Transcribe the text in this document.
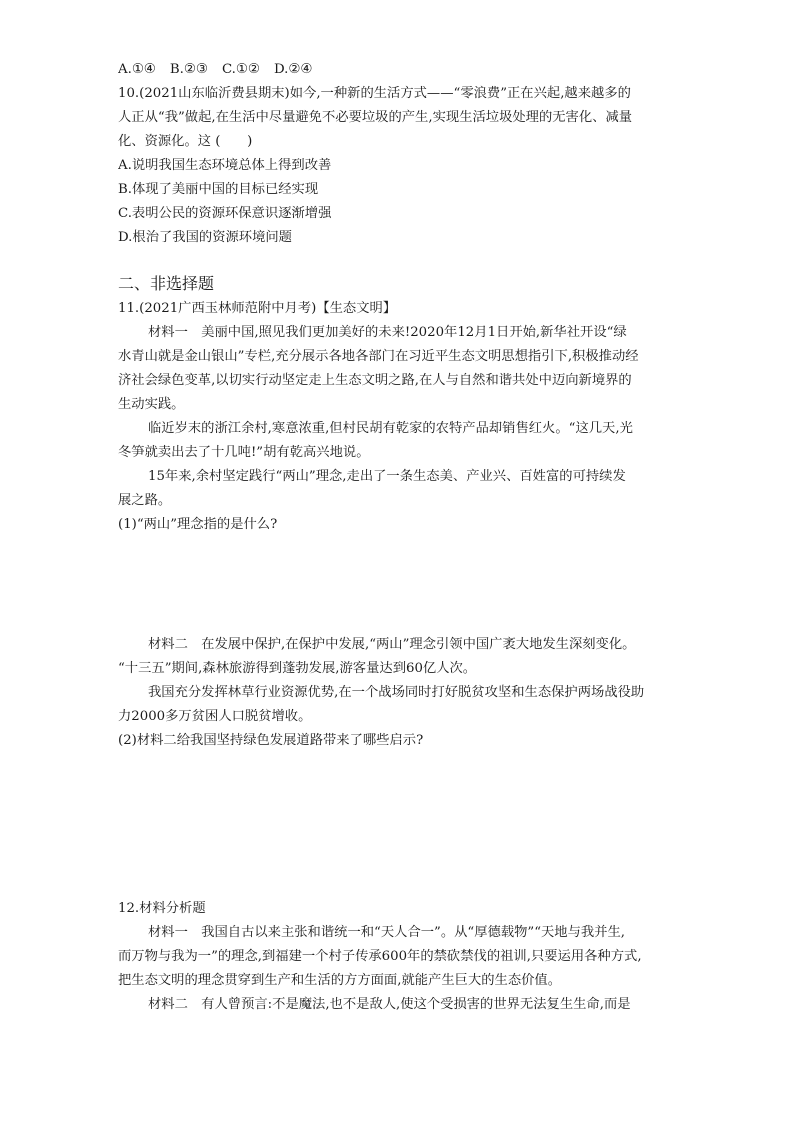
A.①④ B.②③ C.①② D.②④
10.(2021山东临沂费县期末)如今,一种新的生活方式——“零浪费”正在兴起,越来越多的
人正从“我”做起,在生活中尽量避免不必要垃圾的产生,实现生活垃圾处理的无害化、减量
化、资源化。这 (　　)
A.说明我国生态环境总体上得到改善
B.体现了美丽中国的目标已经实现
C.表明公民的资源环保意识逐渐增强
D.根治了我国的资源环境问题
二、非选择题
11.(2021广西玉林师范附中月考)【生态文明】
材料一　美丽中国,照见我们更加美好的未来!2020年12月1日开始,新华社开设“绿
水青山就是金山银山”专栏,充分展示各地各部门在习近平生态文明思想指引下,积极推动经
济社会绿色变革,以切实行动坚定走上生态文明之路,在人与自然和谐共处中迈向新境界的
生动实践。
临近岁末的浙江余村,寒意浓重,但村民胡有乾家的农特产品却销售红火。“这几天,光
冬笋就卖出去了十几吨!”胡有乾高兴地说。
15年来,余村坚定践行“两山”理念,走出了一条生态美、产业兴、百姓富的可持续发
展之路。
(1)“两山”理念指的是什么?
材料二　在发展中保护,在保护中发展,“两山”理念引领中国广袤大地发生深刻变化。
“十三五”期间,森林旅游得到蓬勃发展,游客量达到60亿人次。
我国充分发挥林草行业资源优势,在一个战场同时打好脱贫攻坚和生态保护两场战役助
力2000多万贫困人口脱贫增收。
(2)材料二给我国坚持绿色发展道路带来了哪些启示?
12.材料分析题
材料一　我国自古以来主张和谐统一和“天人合一”。从“厚德载物”“天地与我并生,
而万物与我为一”的理念,到福建一个村子传承600年的禁砍禁伐的祖训,只要运用各种方式,
把生态文明的理念贯穿到生产和生活的方方面面,就能产生巨大的生态价值。
材料二　有人曾预言:不是魔法,也不是敌人,使这个受损害的世界无法复生生命,而是
